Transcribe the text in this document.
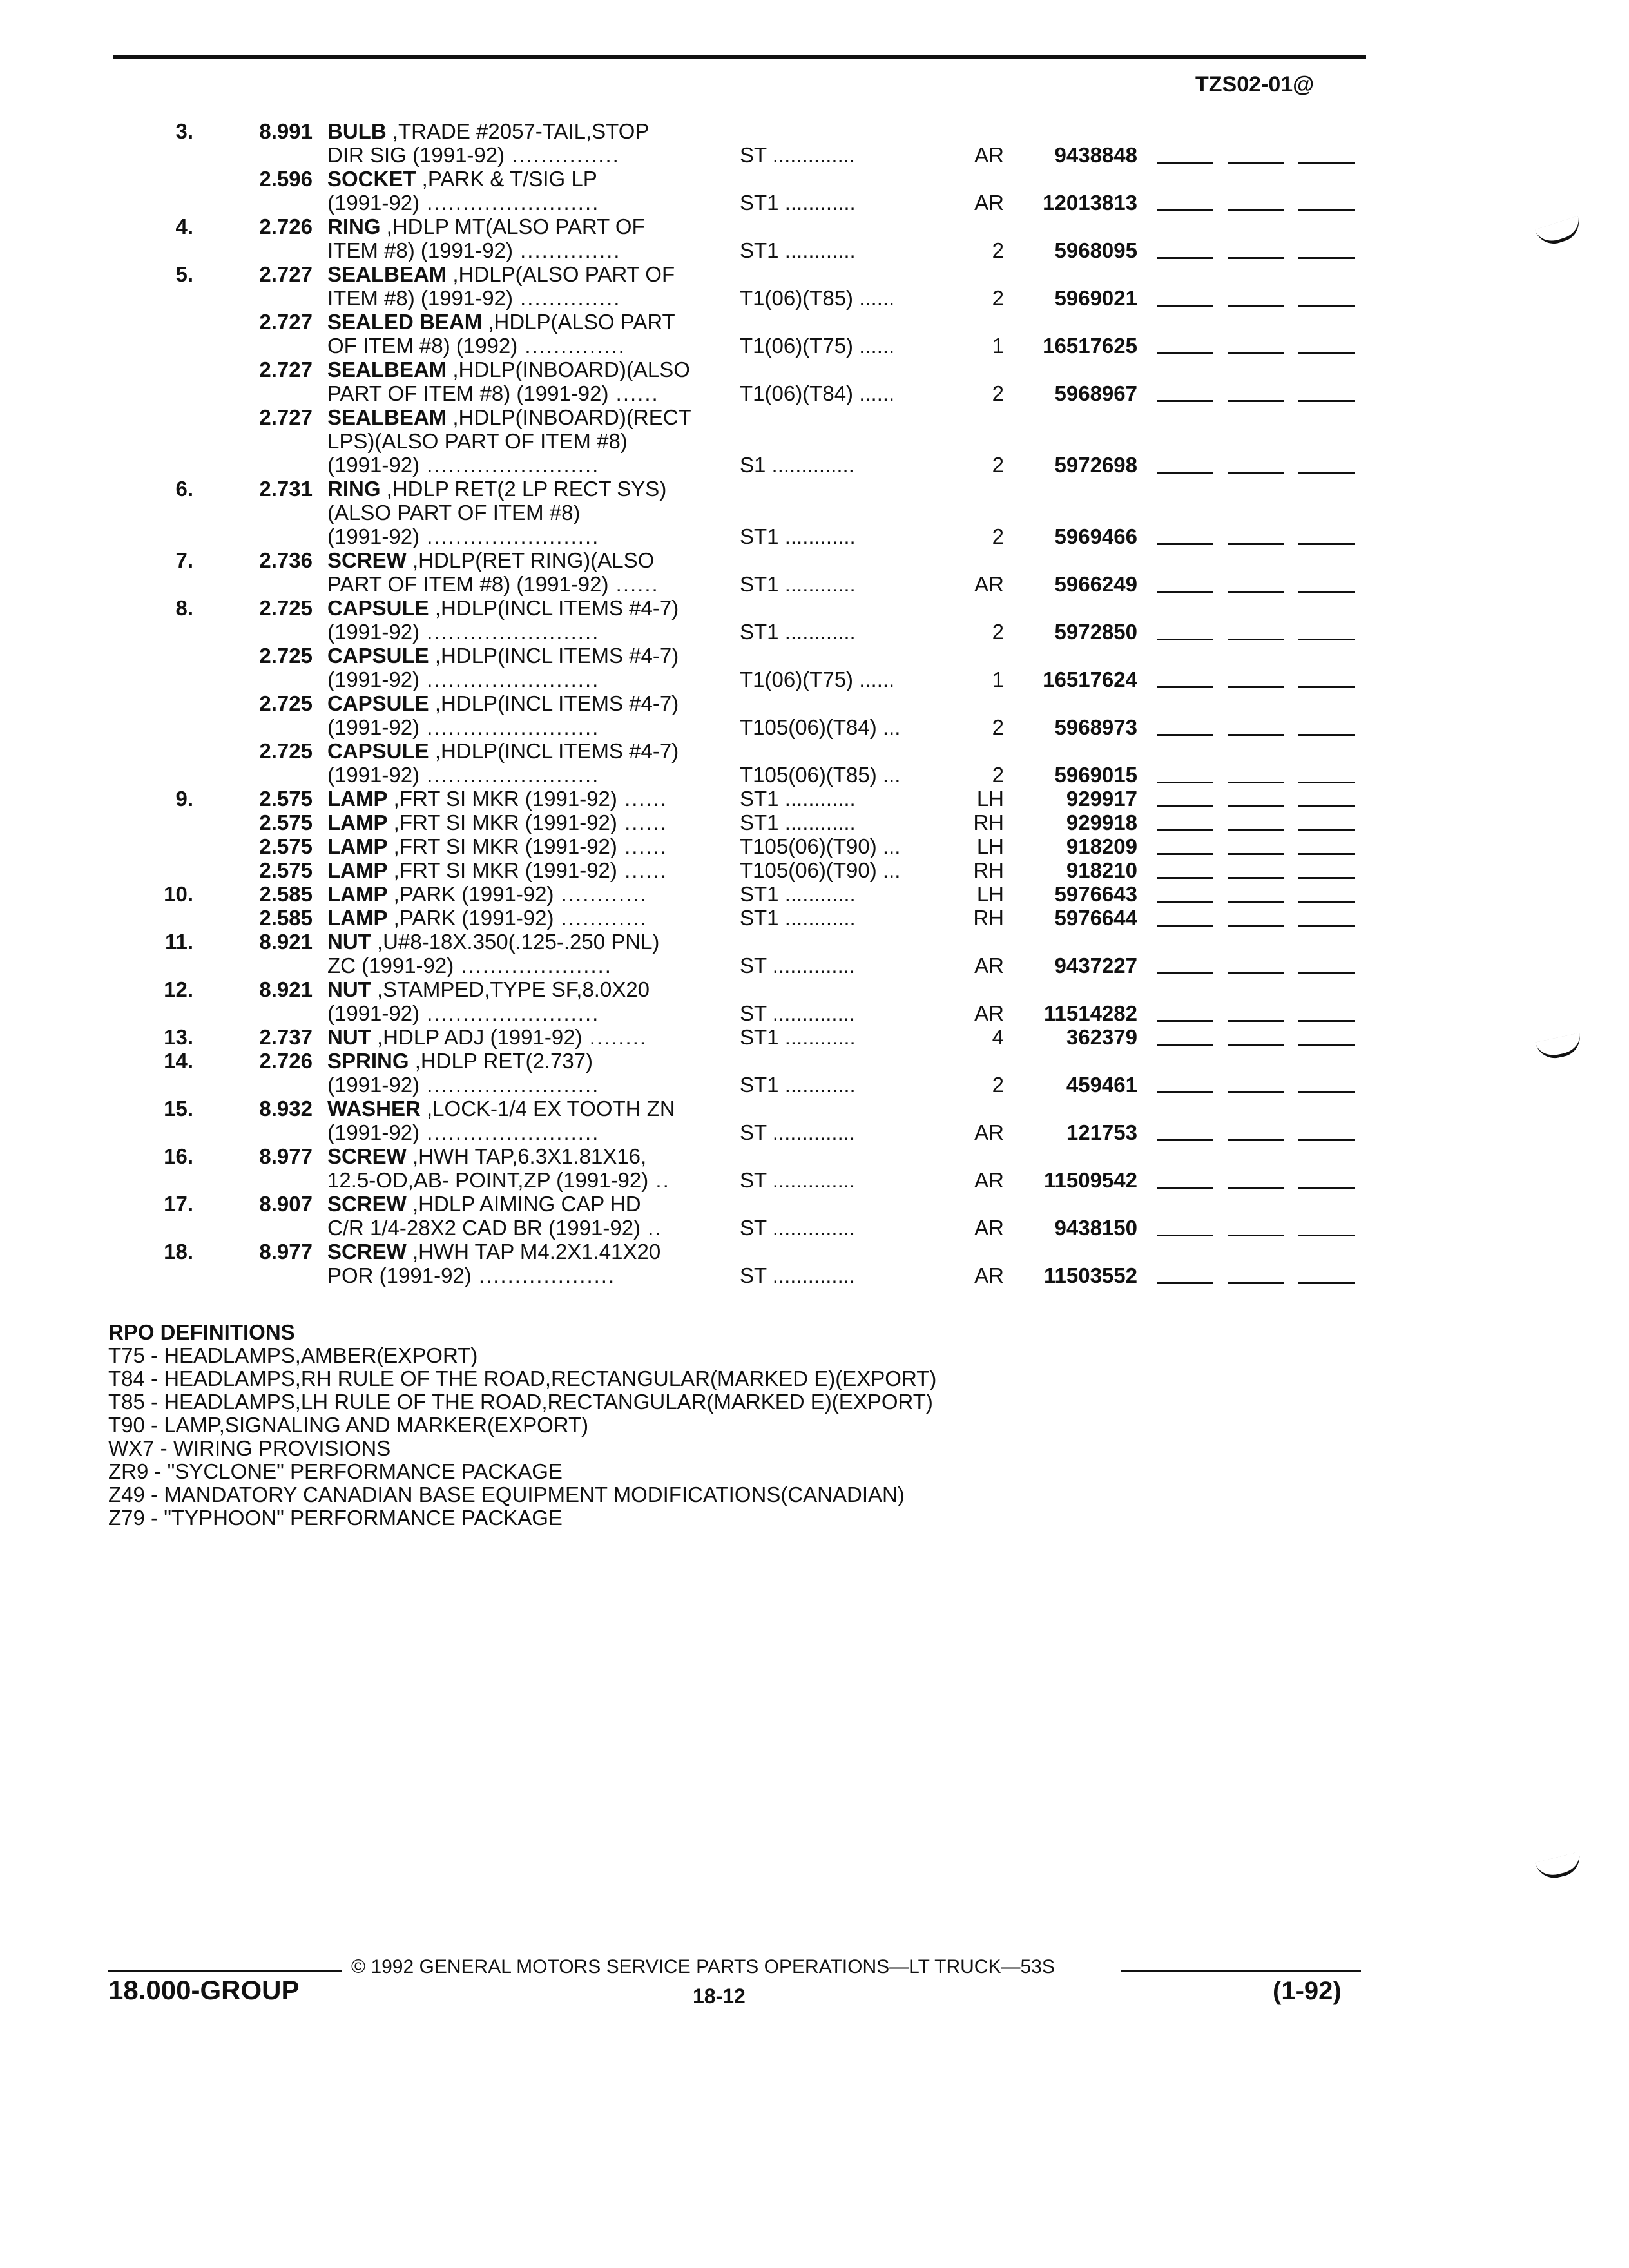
TZS02-01@
3.	8.991 BULB ,TRADE #2057-TAIL,STOP
DIR SIG (1991-92) ...............	ST ..............	AR	9438848
2.596 SOCKET ,PARK & T/SIG LP
(1991-92) ........................	ST1 ............	AR	12013813
4.	2.726 RING ,HDLP MT(ALSO PART OF
ITEM #8) (1991-92) ..............	ST1 ............	2	5968095
5.	2.727 SEALBEAM ,HDLP(ALSO PART OF
ITEM #8) (1991-92) ..............	T1(06)(T85) ......	2	5969021
2.727 SEALED BEAM ,HDLP(ALSO PART
OF ITEM #8) (1992) ..............	T1(06)(T75) ......	1	16517625
2.727 SEALBEAM ,HDLP(INBOARD)(ALSO
PART OF ITEM #8) (1991-92) ......	T1(06)(T84) ......	2	5968967
2.727 SEALBEAM ,HDLP(INBOARD)(RECT
LPS)(ALSO PART OF ITEM #8)
(1991-92) ........................	S1 ..............	2	5972698
6.	2.731 RING ,HDLP RET(2 LP RECT SYS)
(ALSO PART OF ITEM #8)
(1991-92) ........................	ST1 ............	2	5969466
7.	2.736 SCREW ,HDLP(RET RING)(ALSO
PART OF ITEM #8) (1991-92) ......	ST1 ............	AR	5966249
8.	2.725 CAPSULE ,HDLP(INCL ITEMS #4-7)
(1991-92) ........................	ST1 ............	2	5972850
2.725 CAPSULE ,HDLP(INCL ITEMS #4-7)
(1991-92) ........................	T1(06)(T75) ......	1	16517624
2.725 CAPSULE ,HDLP(INCL ITEMS #4-7)
(1991-92) ........................	T105(06)(T84) ...	2	5968973
2.725 CAPSULE ,HDLP(INCL ITEMS #4-7)
(1991-92) ........................	T105(06)(T85) ...	2	5969015
9.	2.575 LAMP ,FRT SI MKR (1991-92) ......	ST1 ............	LH	929917
2.575 LAMP ,FRT SI MKR (1991-92) ......	ST1 ............	RH	929918
2.575 LAMP ,FRT SI MKR (1991-92) ......	T105(06)(T90) ...	LH	918209
2.575 LAMP ,FRT SI MKR (1991-92) ......	T105(06)(T90) ...	RH	918210
10.	2.585 LAMP ,PARK (1991-92) ............	ST1 ............	LH	5976643
2.585 LAMP ,PARK (1991-92) ............	ST1 ............	RH	5976644
11.	8.921 NUT ,U#8-18X.350(.125-.250 PNL)
ZC (1991-92) .....................	ST ..............	AR	9437227
12.	8.921 NUT ,STAMPED,TYPE SF,8.0X20
(1991-92) ........................	ST ..............	AR	11514282
13.	2.737 NUT ,HDLP ADJ (1991-92) ........	ST1 ............	4	362379
14.	2.726 SPRING ,HDLP RET(2.737)
(1991-92) ........................	ST1 ............	2	459461
15.	8.932 WASHER ,LOCK-1/4 EX TOOTH ZN
(1991-92) ........................	ST ..............	AR	121753
16.	8.977 SCREW ,HWH TAP,6.3X1.81X16,
12.5-OD,AB- POINT,ZP (1991-92) ..	ST ..............	AR	11509542
17.	8.907 SCREW ,HDLP AIMING CAP HD
C/R 1/4-28X2 CAD BR (1991-92) ..	ST ..............	AR	9438150
18.	8.977 SCREW ,HWH TAP M4.2X1.41X20
POR (1991-92) ...................	ST ..............	AR	11503552
RPO DEFINITIONS
T75 - HEADLAMPS,AMBER(EXPORT)
T84 - HEADLAMPS,RH RULE OF THE ROAD,RECTANGULAR(MARKED E)(EXPORT)
T85 - HEADLAMPS,LH RULE OF THE ROAD,RECTANGULAR(MARKED E)(EXPORT)
T90 - LAMP,SIGNALING AND MARKER(EXPORT)
WX7 - WIRING PROVISIONS
ZR9 - "SYCLONE" PERFORMANCE PACKAGE
Z49 - MANDATORY CANADIAN BASE EQUIPMENT MODIFICATIONS(CANADIAN)
Z79 - "TYPHOON" PERFORMANCE PACKAGE
© 1992 GENERAL MOTORS SERVICE PARTS OPERATIONS—LT TRUCK—53S
18.000-GROUP	18-12	(1-92)
